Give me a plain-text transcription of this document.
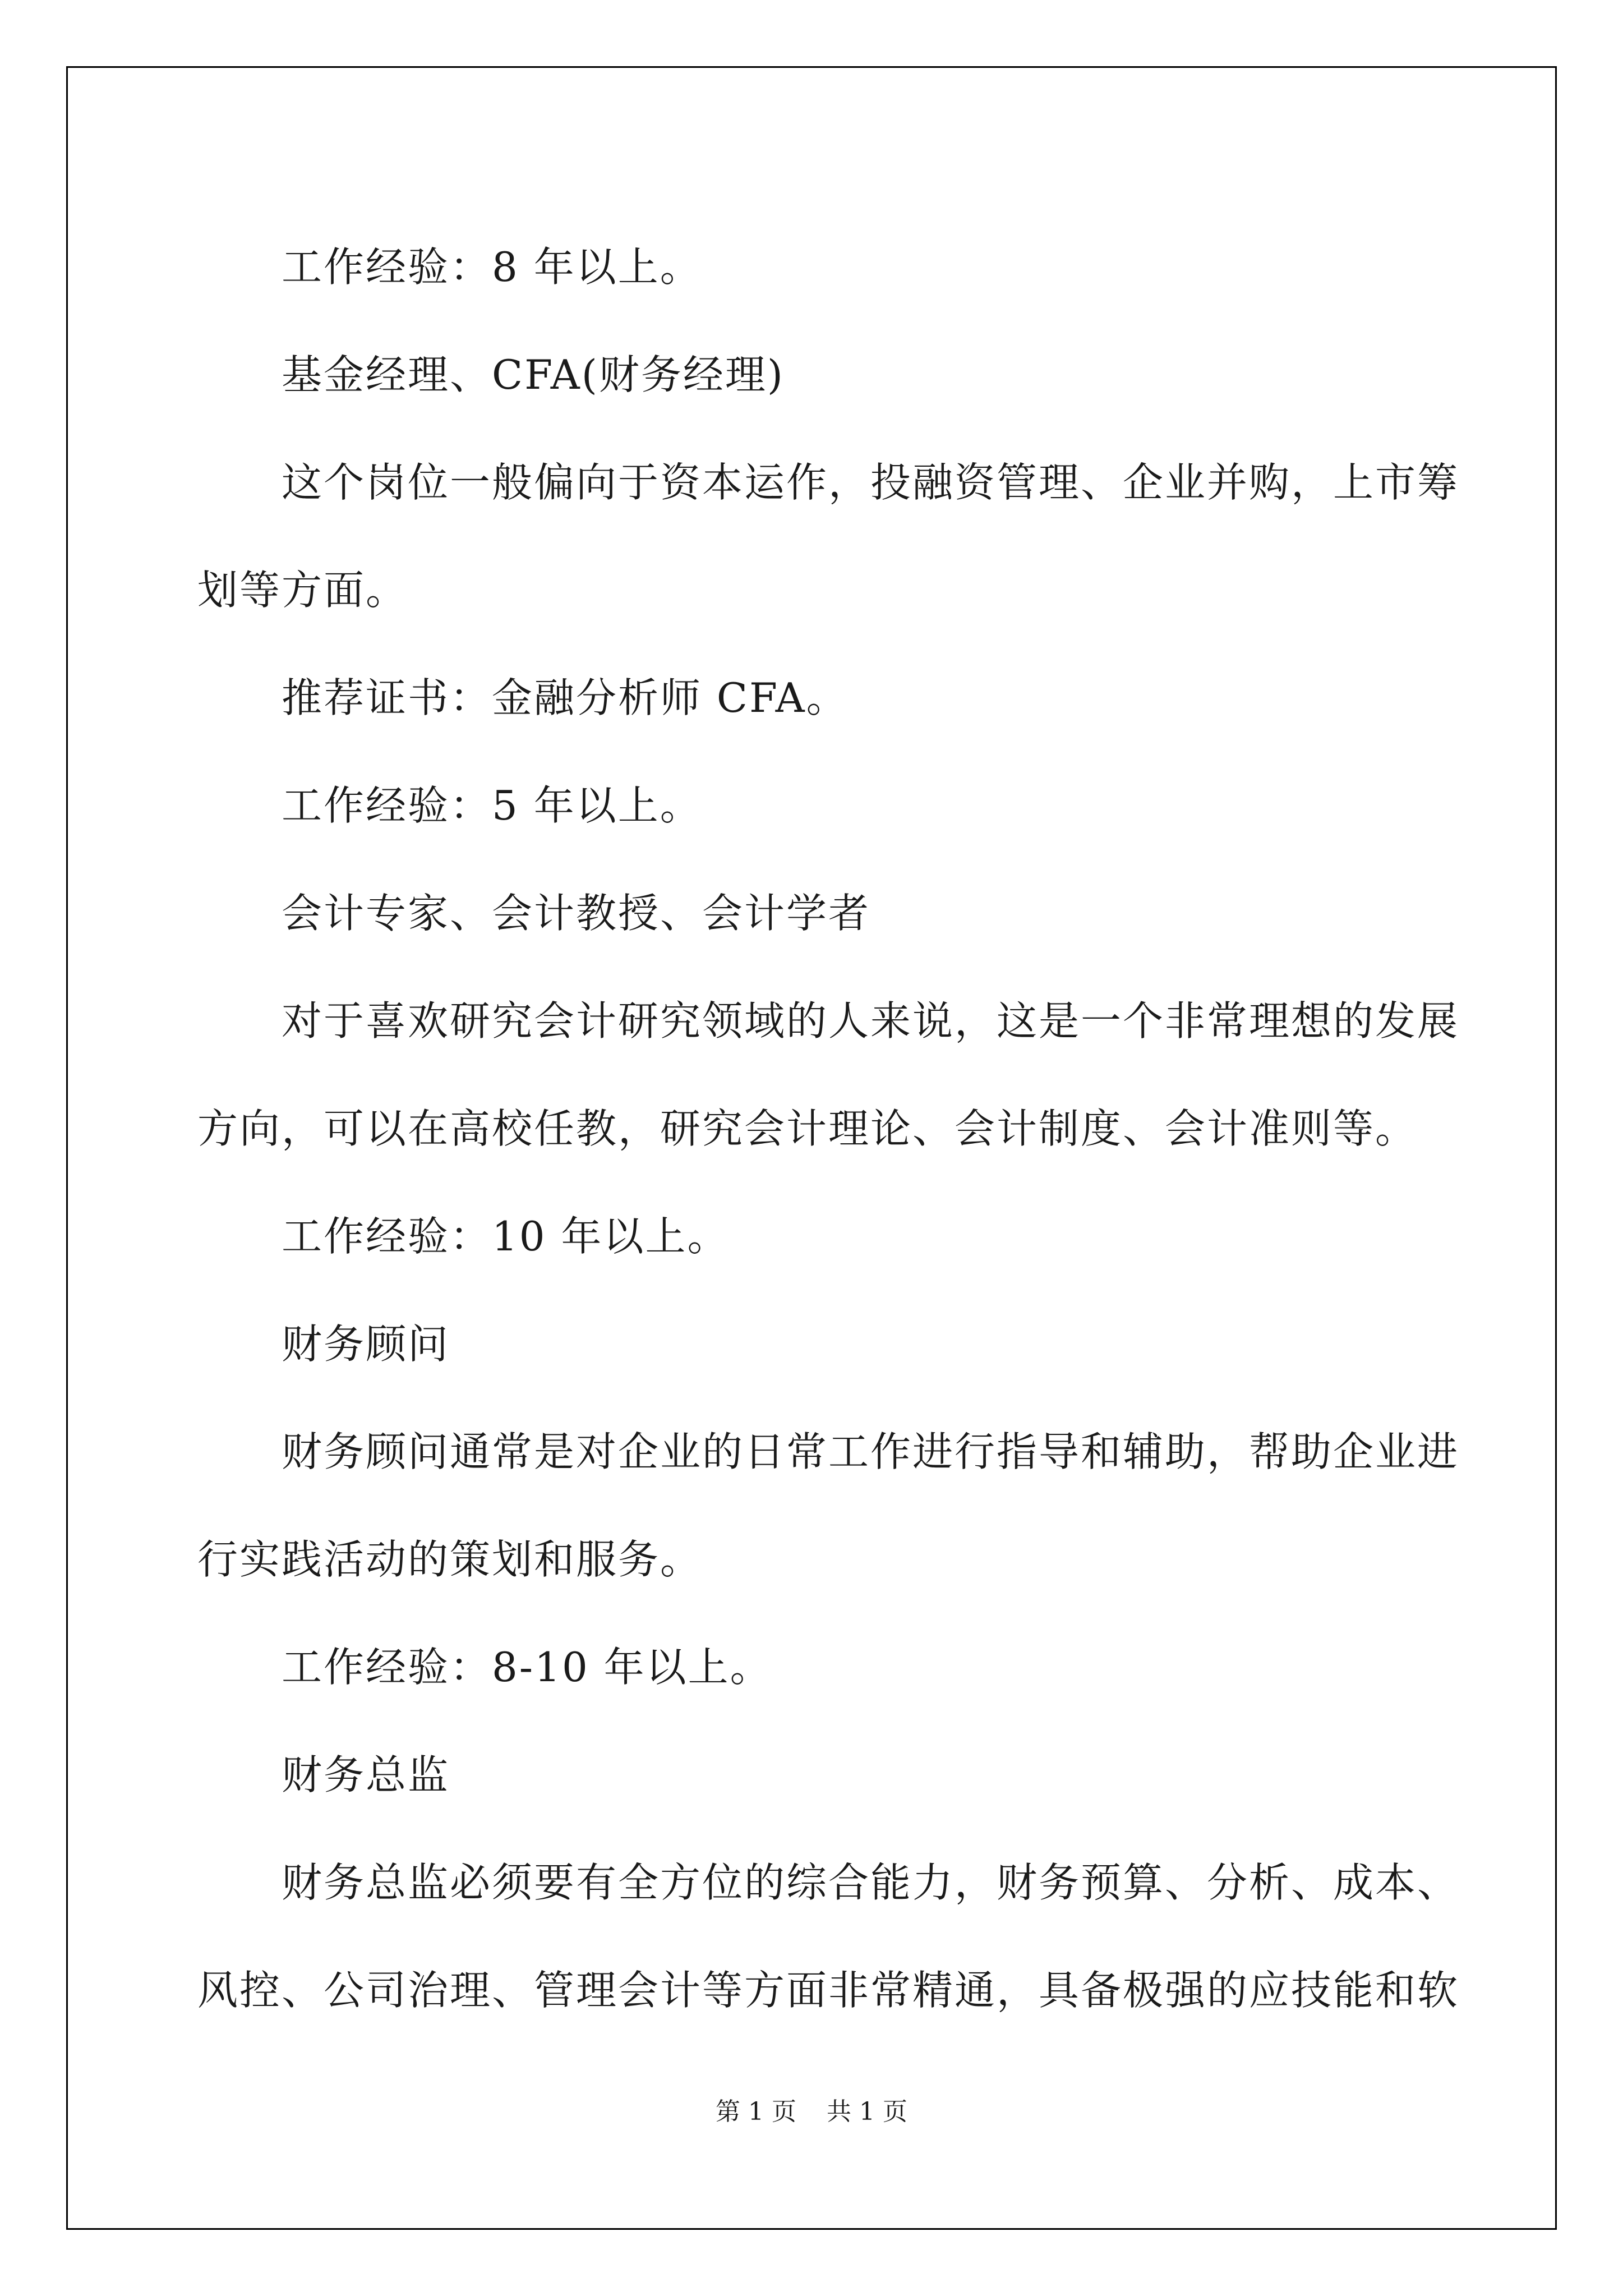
工作经验：8 年以上。

基金经理、CFA(财务经理)

这个岗位一般偏向于资本运作，投融资管理、企业并购，上市筹

划等方面。

推荐证书：金融分析师 CFA。

工作经验：5 年以上。

会计专家、会计教授、会计学者

对于喜欢研究会计研究领域的人来说，这是一个非常理想的发展

方向，可以在高校任教，研究会计理论、会计制度、会计准则等。

工作经验：10 年以上。

财务顾问

财务顾问通常是对企业的日常工作进行指导和辅助，帮助企业进

行实践活动的策划和服务。

工作经验：8-10 年以上。

财务总监

财务总监必须要有全方位的综合能力，财务预算、分析、成本、

风控、公司治理、管理会计等方面非常精通，具备极强的应技能和软

第 1 页 共 1 页
